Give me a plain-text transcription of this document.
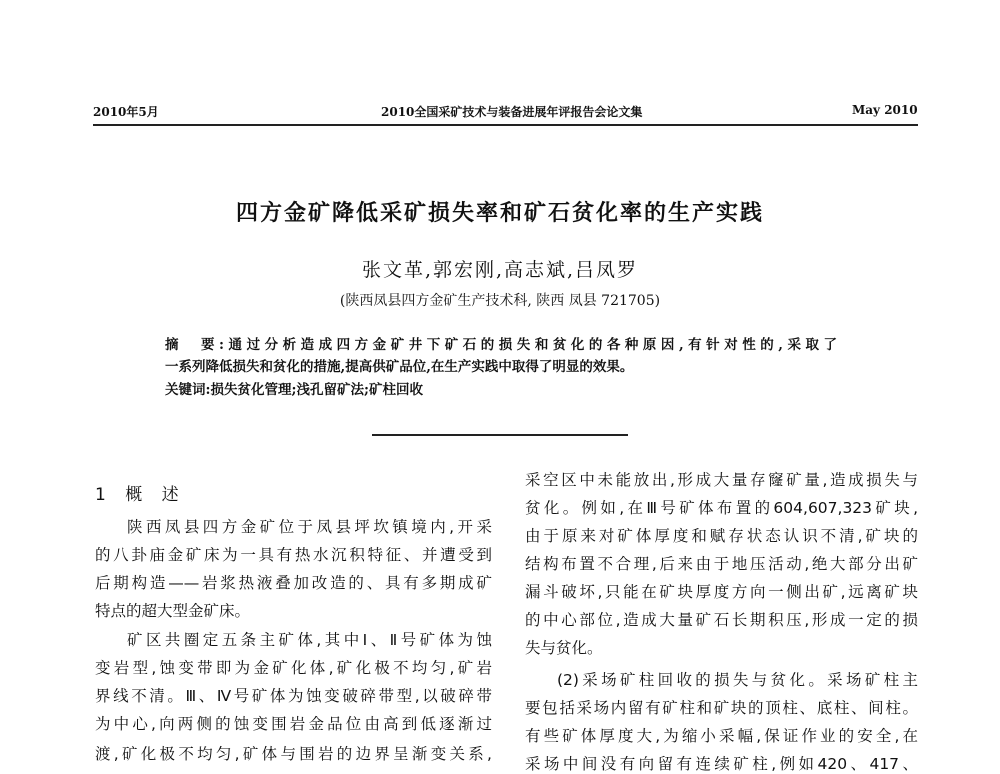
2010年5月	2010全国采矿技术与装备进展年评报告会论文集	May 2010
四方金矿降低采矿损失率和矿石贫化率的生产实践
张文革,郭宏刚,高志斌,吕凤罗
(陕西凤县四方金矿生产技术科, 陕西 凤县 721705)
摘　要:通过分析造成四方金矿井下矿石的损失和贫化的各种原因,有针对性的,采取了
一系列降低损失和贫化的措施,提高供矿品位,在生产实践中取得了明显的效果。
关键词:损失贫化管理;浅孔留矿法;矿柱回收
1 概 述
陕西凤县四方金矿位于凤县坪坎镇境内,开采
的八卦庙金矿床为一具有热水沉积特征、并遭受到
后期构造——岩浆热液叠加改造的、具有多期成矿
特点的超大型金矿床。
矿区共圈定五条主矿体,其中Ⅰ、Ⅱ号矿体为蚀
变岩型,蚀变带即为金矿化体,矿化极不均匀,矿岩
界线不清。Ⅲ、Ⅳ号矿体为蚀变破碎带型,以破碎带
为中心,向两侧的蚀变围岩金品位由高到低逐渐过
渡,矿化极不均匀,矿体与围岩的边界呈渐变关系,
采空区中未能放出,形成大量存窿矿量,造成损失与
贫化。例如,在Ⅲ号矿体布置的604,607,323矿块,
由于原来对矿体厚度和赋存状态认识不清,矿块的
结构布置不合理,后来由于地压活动,绝大部分出矿
漏斗破坏,只能在矿块厚度方向一侧出矿,远离矿块
的中心部位,造成大量矿石长期积压,形成一定的损
失与贫化。
(2)采场矿柱回收的损失与贫化。采场矿柱主
要包括采场内留有矿柱和矿块的顶柱、底柱、间柱。
有些矿体厚度大,为缩小采幅,保证作业的安全,在
采场中间没有向留有连续矿柱,例如420、417、
